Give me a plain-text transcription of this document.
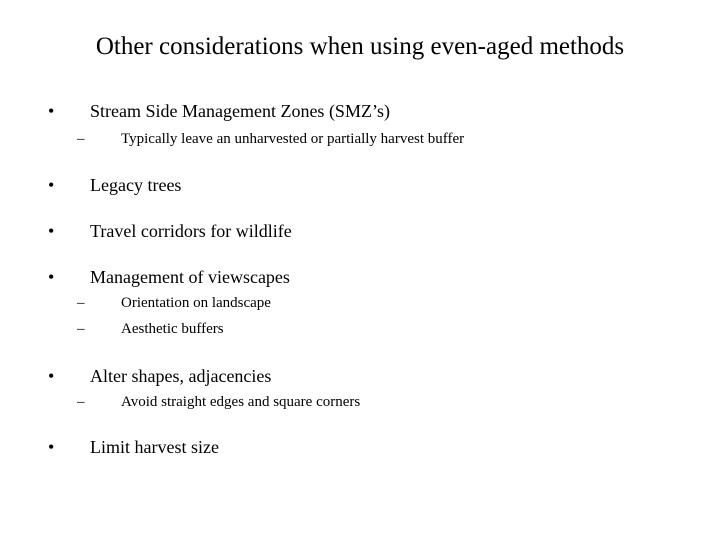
Other considerations when using even-aged methods
• Stream Side Management Zones (SMZ’s)
– Typically leave an unharvested or partially harvest buffer
• Legacy trees
• Travel corridors for wildlife
• Management of viewscapes
– Orientation on landscape
– Aesthetic buffers
• Alter shapes, adjacencies
– Avoid straight edges and square corners
• Limit harvest size
